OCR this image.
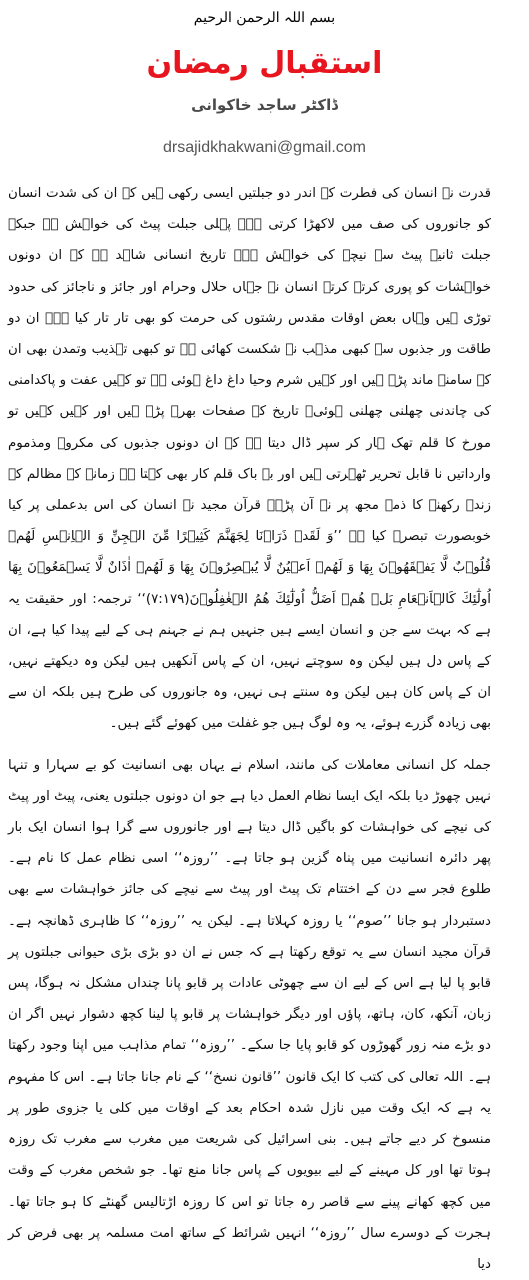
بسم اللہ الرحمن الرحیم
استقبال رمضان
ڈاکٹر ساجد خاکوانی
drsajidkhakwani@gmail.com

قدرت نے انسان کی فطرت کے اندر دو جبلتیں ایسی رکھی ہیں کہ ان کی شدت انسان کو جانوروں کی صف میں لاکھڑا کرتی ہے۔ پہلی جبلت پیٹ کی خواہش ہے جبکہ جبلت ثانیہ پیٹ سے نیچے کی خواہش ہے۔ تاریخ انسانی شاہد ہے کہ ان دونوں خواہشات کو پوری کرتے کرتے انسان نے جہاں حلال وحرام اور جائز و ناجائز کی حدود توڑی ہیں وہاں بعض اوقات مقدس رشتوں کی حرمت کو بھی تار تار کیا ہے۔ ان دو طاقت ور جذبوں سے کبھی مذہب نے شکست کھائی ہے تو کبھی تہذیب وتمدن بھی ان کے سامنے ماند پڑے ہیں اور کہیں شرم وحیا داغ داغ ہوئی ہے تو کہیں عفت و پاکدامنی کی چاندنی چھلنی چھلنی ہوئی۔ تاریخ کے صفحات بھرے پڑے ہیں اور کہیں کہیں تو مورخ کا قلم تھک ہار کر سپر ڈال دیتا ہے کہ ان دونوں جذبوں کی مکروہ ومذموم وارداتیں نا قابل تحریر ٹھہرتی ہیں اور بے باک قلم کار بھی کہتا ہے زمانے کے مظالم کے زندہ رکھنے کا ذمہ مجھ پر نہ آن پڑے۔ قرآن مجید نے انسان کی اس بدعملی پر کیا خوبصورت تبصرہ کیا ہے ’’وَ لَقَدۡ ذَرَاۡنَا لِجَهَنَّمَ كَثِیۡرًا مِّنَ الۡجِنِّ وَ الۡاِنۡسِ لَهُمۡ قُلُوۡبٌ لَّا یَفۡقَهُوۡنَ بِهَا وَ لَهُمۡ اَعۡیُنٌ لَّا یُبۡصِرُوۡنَ بِهَا وَ لَهُمۡ اٰذَانٌ لَّا یَسۡمَعُوۡنَ بِهَا اُولٰٓئِكَ كَالۡاَنۡعَامِ بَلۡ هُمۡ اَضَلُّ اُولٰٓئِكَ هُمُ الۡغٰفِلُوۡنَ(۷:۱۷۹)‘‘ ترجمہ: اور حقیقت یہ ہے کہ بہت سے جن و انسان ایسے ہیں جنہیں ہم نے جہنم ہی کے لیے پیدا کیا ہے، ان کے پاس دل ہیں لیکن وہ سوچتے نہیں، ان کے پاس آنکھیں ہیں لیکن وہ دیکھتے نہیں، ان کے پاس کان ہیں لیکن وہ سنتے ہی نہیں، وہ جانوروں کی طرح ہیں بلکہ ان سے بھی زیادہ گزرے ہوئے، یہ وہ لوگ ہیں جو غفلت میں کھوئے گئے ہیں۔

جملہ کل انسانی معاملات کی مانند، اسلام نے یہاں بھی انسانیت کو بے سہارا و تنہا نہیں چھوڑ دیا بلکہ ایک ایسا نظام العمل دیا ہے جو ان دونوں جبلتوں یعنی، پیٹ اور پیٹ کی نیچے کی خواہشات کو باگیں ڈال دیتا ہے اور جانوروں سے گرا ہوا انسان ایک بار پھر دائرہ انسانیت میں پناہ گزین ہو جاتا ہے۔ ’’روزہ‘‘ اسی نظام عمل کا نام ہے۔ طلوع فجر سے دن کے اختتام تک پیٹ اور پیٹ سے نیچے کی جائز خواہشات سے بھی دستبردار ہو جانا ’’صوم‘‘ یا روزہ کہلاتا ہے۔ لیکن یہ ’’روزہ‘‘ کا ظاہری ڈھانچہ ہے۔ قرآن مجید انسان سے یہ توقع رکھتا ہے کہ جس نے ان دو بڑی بڑی حیوانی جبلتوں پر قابو پا لیا ہے اس کے لیے ان سے چھوٹی عادات پر قابو پانا چنداں مشکل نہ ہوگا، پس زبان، آنکھ، کان، ہاتھ، پاؤں اور دیگر خواہشات پر قابو پا لینا کچھ دشوار نہیں اگر ان دو بڑے منہ زور گھوڑوں کو قابو پایا جا سکے۔ ’’روزہ‘‘ تمام مذاہب میں اپنا وجود رکھتا ہے۔ اللہ تعالی کی کتب کا ایک قانون ’’قانون نسخ‘‘ کے نام جانا جاتا ہے۔ اس کا مفہوم یہ ہے کہ ایک وقت میں نازل شدہ احکام بعد کے اوقات میں کلی یا جزوی طور پر منسوخ کر دیے جاتے ہیں۔ بنی اسرائیل کی شریعت میں مغرب سے مغرب تک روزہ ہوتا تھا اور کل مہینے کے لیے بیویوں کے پاس جانا منع تھا۔ جو شخص مغرب کے وقت میں کچھ کھانے پینے سے قاصر رہ جاتا تو اس کا روزہ اڑتالیس گھنٹے کا ہو جاتا تھا۔ ہجرت کے دوسرے سال ’’روزہ‘‘ انہیں شرائط کے ساتھ امت مسلمہ پر بھی فرض کر دیا
